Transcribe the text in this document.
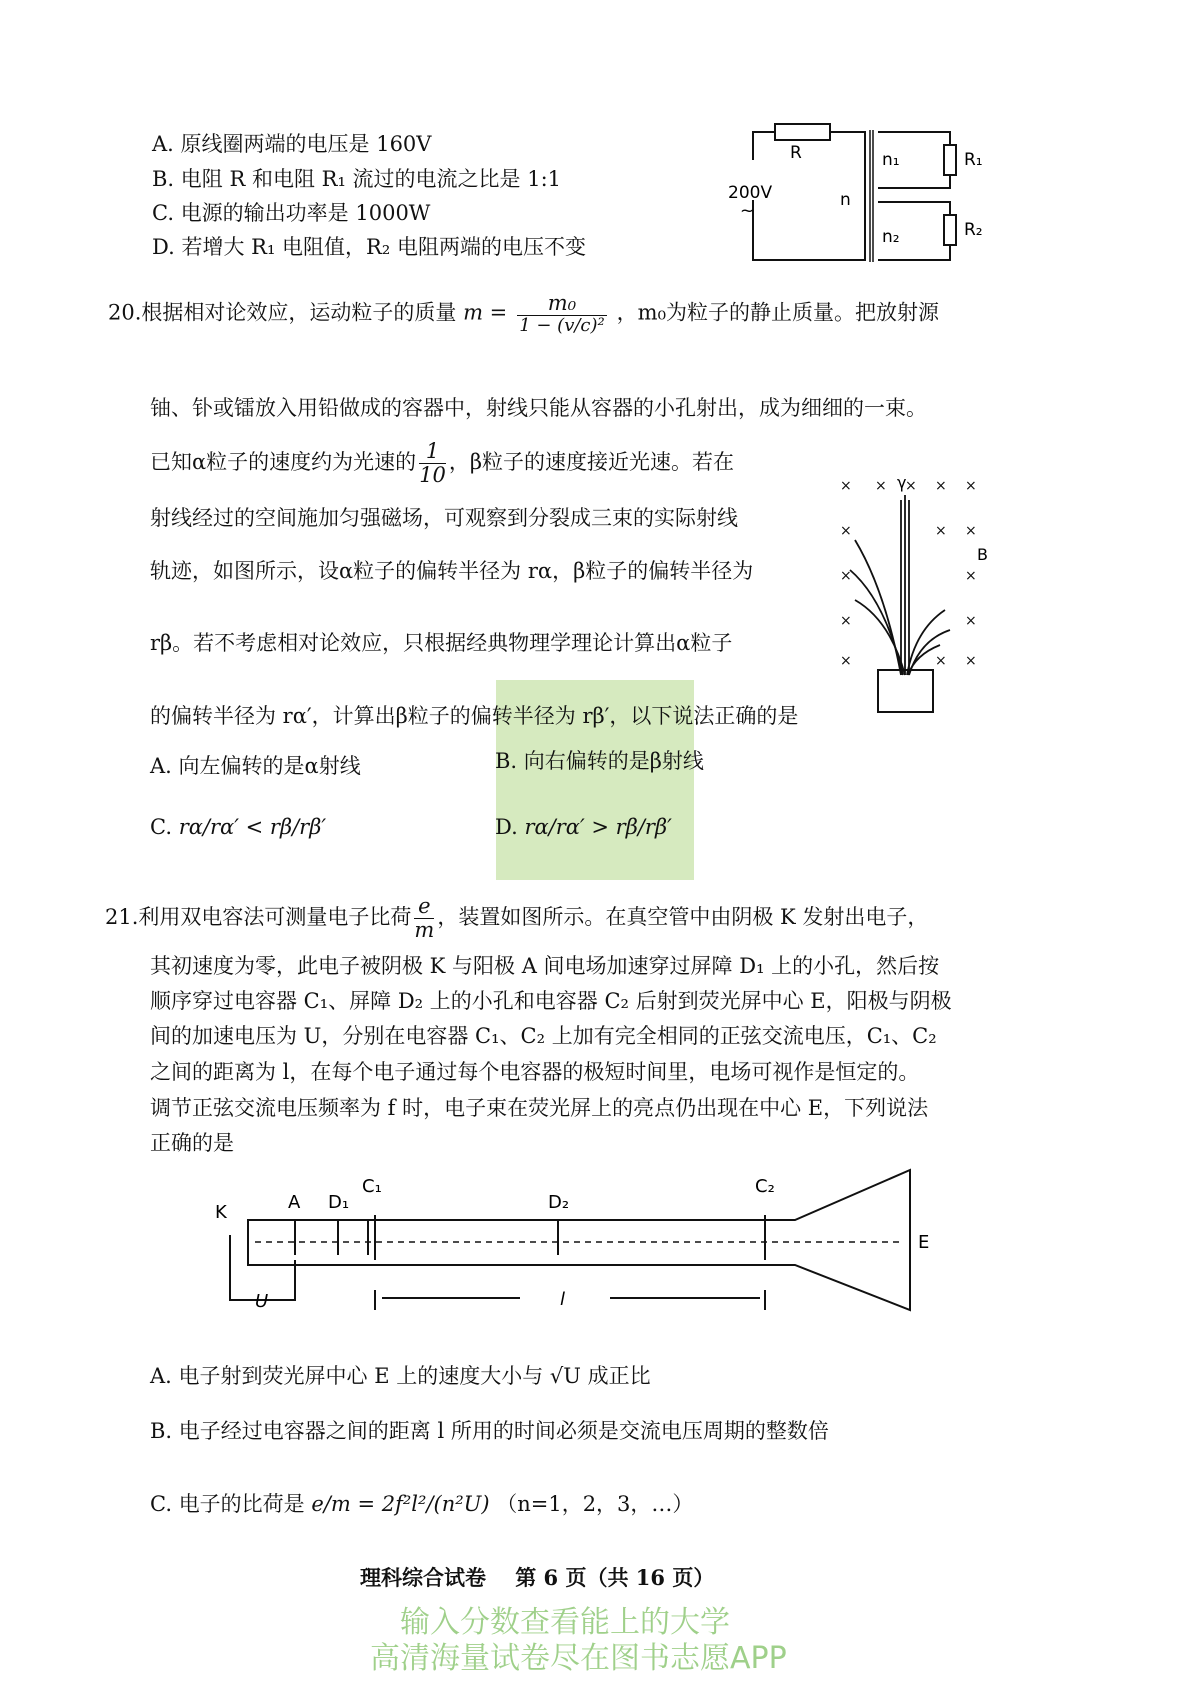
输入分数查看能上的大学
高清海量试卷尽在图书志愿APP
A. 原线圈两端的电压是 160V
B. 电阻 R 和电阻 R₁ 流过的电流之比是 1:1
C. 电源的输出功率是 1000W
D. 若增大 R₁ 电阻值，R₂ 电阻两端的电压不变
R
200V
~
n₁
n₂
n
R₁
R₂
20.根据相对论效应，运动粒子的质量 $m = \frac{\text{m₀}}{\text{1 − (v/c)²}}$ ，m₀为粒子的静止质量。把放射源
铀、钋或镭放入用铅做成的容器中，射线只能从容器的小孔射出，成为细细的一束。
已知α粒子的速度约为光速的 $\frac{1}{10}$ ，β粒子的速度接近光速。若在
射线经过的空间施加匀强磁场，可观察到分裂成三束的实际射线
轨迹，如图所示，设α粒子的偏转半径为 rα，β粒子的偏转半径为
rβ。若不考虑相对论效应，只根据经典物理学理论计算出α粒子
的偏转半径为 rα′，计算出β粒子的偏转半径为 rβ′，以下说法正确的是
× × × × ×
×	× ×
×	×
×	×
×	× ×
γ
B
A. 向左偏转的是α射线	B. 向右偏转的是β射线
C. rα/rα′ < rβ/rβ′	D. rα/rα′ > rβ/rβ′
21.利用双电容法可测量电子比荷 $\frac{e}{m}$ ，装置如图所示。在真空管中由阴极 K 发射出电子，
其初速度为零，此电子被阴极 K 与阳极 A 间电场加速穿过屏障 D₁ 上的小孔，然后按
顺序穿过电容器 C₁、屏障 D₂ 上的小孔和电容器 C₂ 后射到荧光屏中心 E，阳极与阴极
间的加速电压为 U，分别在电容器 C₁、C₂ 上加有完全相同的正弦交流电压，C₁、C₂
之间的距离为 l，在每个电子通过每个电容器的极短时间里，电场可视作是恒定的。
调节正弦交流电压频率为 f 时，电子束在荧光屏上的亮点仍出现在中心 E，下列说法
正确的是
K	A D₁
C₁
D₂
C₂
E
U	l
A. 电子射到荧光屏中心 E 上的速度大小与 √U 成正比
B. 电子经过电容器之间的距离 l 所用的时间必须是交流电压周期的整数倍
C. 电子的比荷是 e/m = 2f²l²/(n²U) （n=1，2，3，…）
理科综合试卷 第 6 页（共 16 页）
